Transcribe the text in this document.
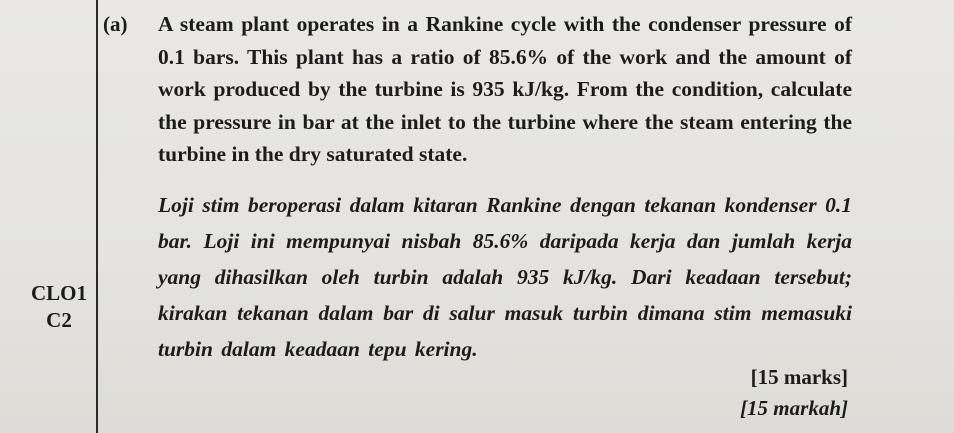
(a) A steam plant operates in a Rankine cycle with the condenser pressure of 0.1 bars. This plant has a ratio of 85.6% of the work and the amount of work produced by the turbine is 935 kJ/kg. From the condition, calculate the pressure in bar at the inlet to the turbine where the steam entering the turbine in the dry saturated state.

Loji stim beroperasi dalam kitaran Rankine dengan tekanan kondenser 0.1 bar. Loji ini mempunyai nisbah 85.6% daripada kerja dan jumlah kerja yang dihasilkan oleh turbin adalah 935 kJ/kg. Dari keadaan tersebut; kirakan tekanan dalam bar di salur masuk turbin dimana stim memasuki turbin dalam keadaan tepu kering.

CLO1
C2
[15 marks]
[15 markah]
